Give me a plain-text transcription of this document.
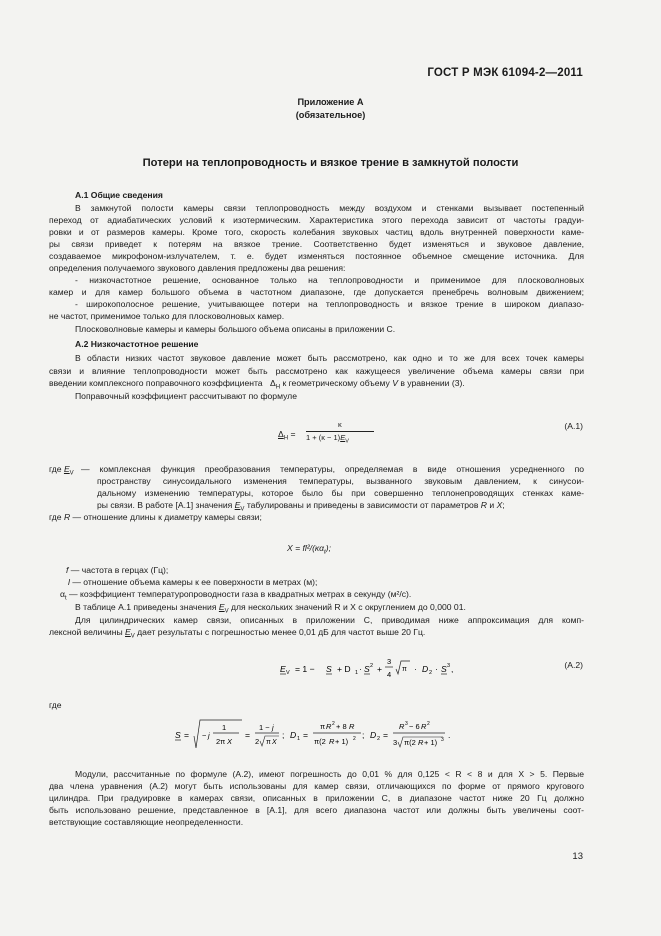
ГОСТ Р МЭК 61094-2—2011
Приложение А
(обязательное)
Потери на теплопроводность и вязкое трение в замкнутой полости
А.1 Общие сведения
В замкнутой полости камеры связи теплопроводность между воздухом и стенками вызывает постепенный
переход от адиабатических условий к изотермическим. Характеристика этого перехода зависит от частоты градуи-
ровки и от размеров камеры. Кроме того, скорость колебания звуковых частиц вдоль внутренней поверхности каме-
ры связи приведет к потерям на вязкое трение. Соответственно будет изменяться и звуковое давление,
создаваемое микрофоном-излучателем, т. е. будет изменяться постоянное объемное смещение источника. Для
определения получаемого звукового давления предложены два решения:
- низкочастотное решение, основанное только на теплопроводности и применимое для плосковолновых
камер и для камер большого объема в частотном диапазоне, где допускается пренебречь волновым движением;
- широкополосное решение, учитывающее потери на теплопроводность и вязкое трение в широком диапазо-
не частот, применимое только для плосковолновых камер.
Плосковолновые камеры и камеры большого объема описаны в приложении С.
А.2 Низкочастотное решение
В области низких частот звуковое давление может быть рассмотрено, как одно и то же для всех точек камеры
связи и влияние теплопроводности может быть рассмотрено как кажущееся увеличение объема камеры связи при
введении комплексного поправочного коэффициента $\Delta_H$ к геометрическому объему V в уравнении (3).
Поправочный коэффициент рассчитывают по формуле
$\Delta_H$ =
κ
$1 + (\kappa - 1)E_V$
(А.1)
где $E_V$ — комплексная функция преобразования температуры, определяемая в виде отношения усредненного по
пространству синусоидального изменения температуры, вызванного звуковым давлением, к синусои-
дальному изменению температуры, которое было бы при совершенно теплонепроводящих стенках каме-
ры связи. В работе [А.1] значения $E_V$ табулированы и приведены в зависимости от параметров R и X;
где R — отношение длины к диаметру камеры связи;
X = fl²/$(\kappa\alpha_t)$;
f — частота в герцах (Гц);
l — отношение объема камеры к ее поверхности в метрах (м);
$\alpha_t$ — коэффициент температуропроводности газа в квадратных метрах в секунду (м²/с).
В таблице А.1 приведены значения $E_V$ для нескольких значений R и X с округлением до 0,000 01.
Для цилиндрических камер связи, описанных в приложении С, приводимая ниже аппроксимация для комп-
лексной величины $E_V$ дает результаты с погрешностью менее 0,01 дБ для частот выше 20 Гц.
E V = 1 − S + D 1 · S 2 +
3
4
π · D 2 · S 3 ,	(А.2)
где
S = − j
1
2π X
=
1 − j
2 π X
; D 1 =
π R 2 + 8 R
π(2 R + 1) 2 ; D 2 =
R 3 − 6 R 2
3 π(2 R + 1) 3 .
Модули, рассчитанные по формуле (А.2), имеют погрешность до 0,01 % для 0,125 < R < 8 и для X > 5. Первые
два члена уравнения (А.2) могут быть использованы для камер связи, отличающихся по форме от прямого кругового
цилиндра. При градуировке в камерах связи, описанных в приложении С, в диапазоне частот ниже 20 Гц должно
быть использовано решение, представленное в [А.1], для всего диапазона частот или должны быть увеличены соот-
ветствующие составляющие неопределенности.
13
